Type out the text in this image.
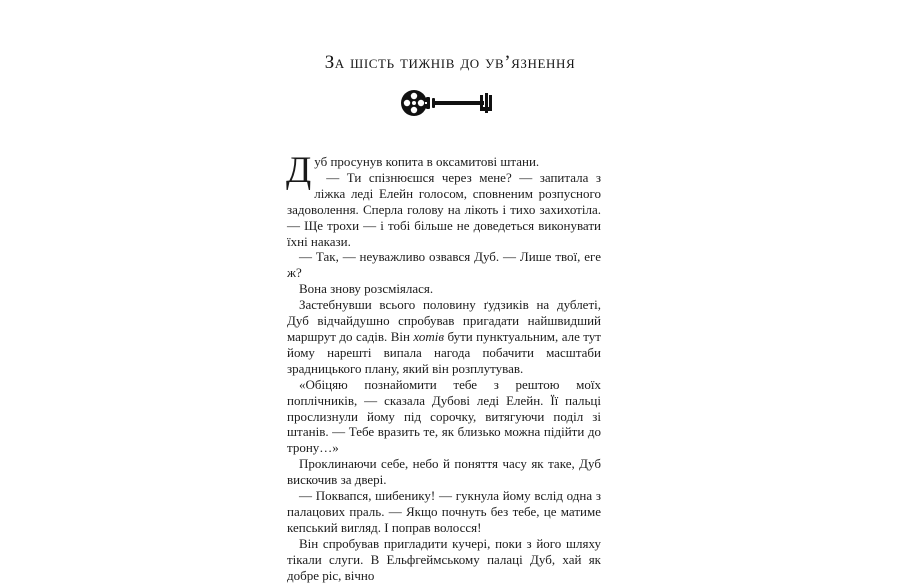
За шість тижнів до ув’язнення

Дуб просунув копита в оксамитові штани.

— Ти спізнюєшся через мене? — запитала з ліжка леді Елейн голосом, сповненим розпусного задоволення. Сперла голову на лікоть і тихо захихотіла. — Ще трохи — і тобі більше не доведеться виконувати їхні накази.

— Так, — неуважливо озвався Дуб. — Лише твої, еге ж?

Вона знову розсміялася.

Застебнувши всього половину ґудзиків на дублеті, Дуб відчайдушно спробував пригадати найшвидший маршрут до садів. Він хотів бути пунктуальним, але тут йому нарешті випала нагода побачити масштаби зрадницького плану, який він розплутував.

«Обіцяю познайомити тебе з рештою моїх поплічників, — сказала Дубові леді Елейн. Її пальці прослизнули йому під сорочку, витягуючи поділ зі штанів. — Тебе вразить те, як близько можна підійти до трону…»

Проклинаючи себе, небо й поняття часу як таке, Дуб вискочив за двері.

— Поквапся, шибенику! — гукнула йому вслід одна з палацових праль. — Якщо почнуть без тебе, це матиме кепський вигляд. І поправ волосся!

Він спробував пригладити кучері, поки з його шляху тікали слуги. В Ельфгеймському палаці Дуб, хай як добре ріс, вічно
